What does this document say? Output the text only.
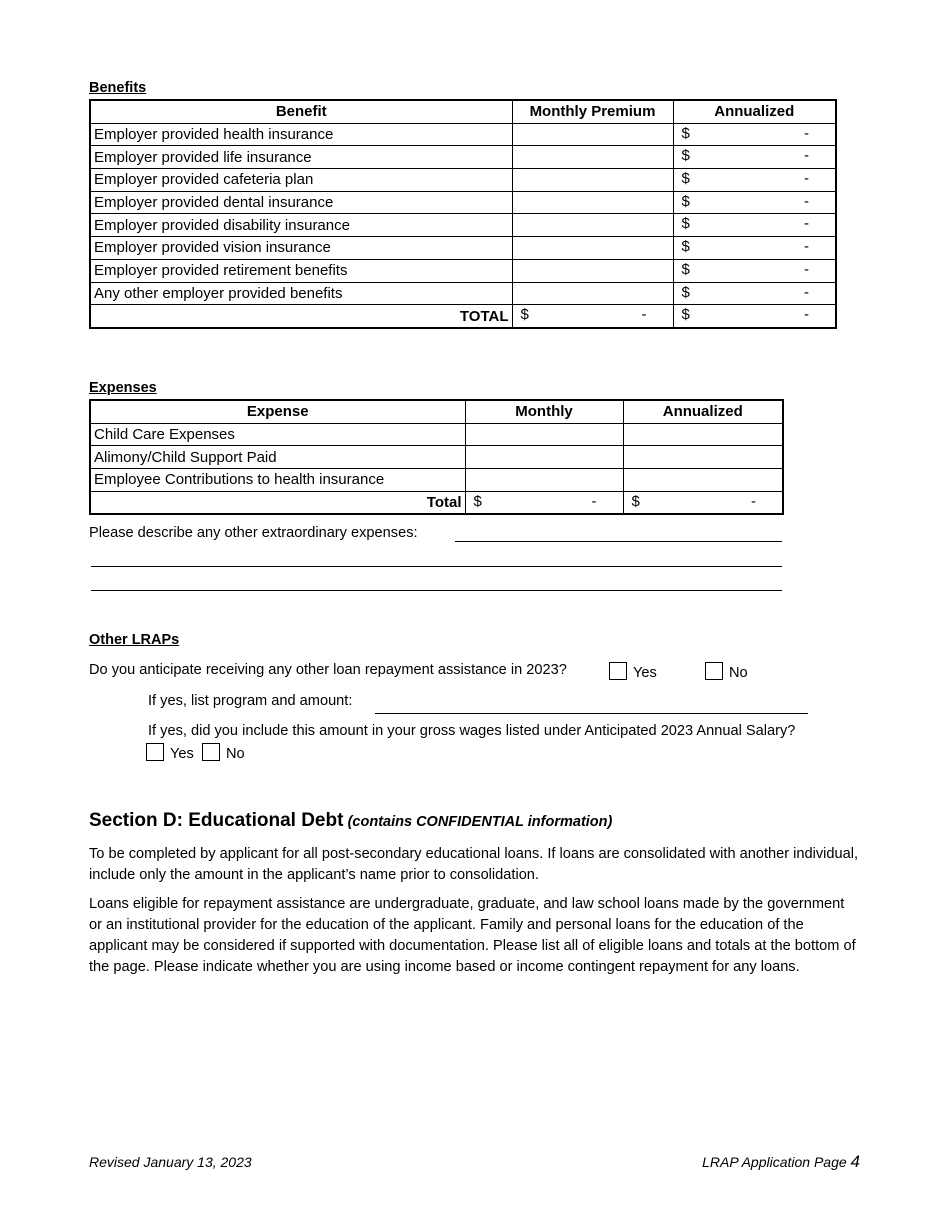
Benefits
Benefit	Monthly Premium	Annualized
Employer provided health insurance		$ -

Employer provided life insurance		$ -

Employer provided cafeteria plan		$ -

Employer provided dental insurance		$ -

Employer provided disability insurance		$ -

Employer provided vision insurance		$ -

Employer provided retirement benefits		$ -

Any other employer provided benefits		$ -

TOTAL	$ -	$ -
Expenses
Expense	Monthly	Annualized
Child Care Expenses		
Alimony/Child Support Paid		
Employee Contributions to health insurance		
Total	$ -	$ -
Please describe any other extraordinary expenses:
Other LRAPs
Do you anticipate receiving any other loan repayment assistance in 2023?	Yes	No
If yes, list program and amount:
If yes, did you include this amount in your gross wages listed under Anticipated 2023 Annual Salary?
Yes	No
Section D: Educational Debt (contains CONFIDENTIAL information)
To be completed by applicant for all post-secondary educational loans. If loans are consolidated with another individual, include only the amount in the applicant’s name prior to consolidation.
Loans eligible for repayment assistance are undergraduate, graduate, and law school loans made by the government or an institutional provider for the education of the applicant. Family and personal loans for the education of the applicant may be considered if supported with documentation. Please list all of eligible loans and totals at the bottom of the page. Please indicate whether you are using income based or income contingent repayment for any loans.
Revised January 13, 2023	LRAP Application Page 4
